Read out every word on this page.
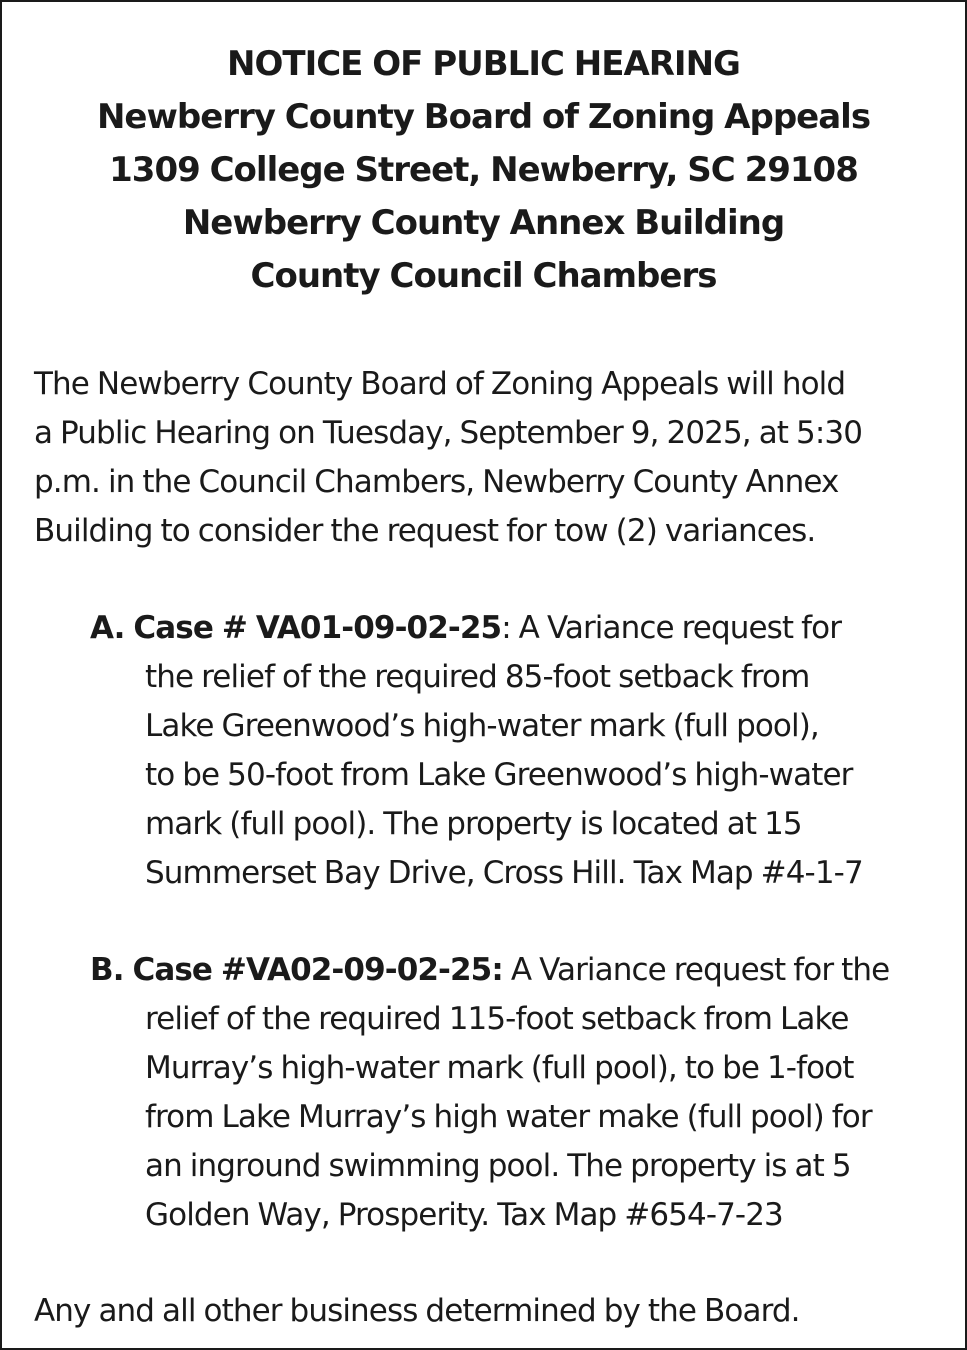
NOTICE OF PUBLIC HEARING
Newberry County Board of Zoning Appeals
1309 College Street, Newberry, SC 29108
Newberry County Annex Building
County Council Chambers

The Newberry County Board of Zoning Appeals will hold

a Public Hearing on Tuesday, September 9, 2025, at 5:30

p.m. in the Council Chambers, Newberry County Annex

Building to consider the request for tow (2) variances.

A. Case # VA01-09-02-25: A Variance request for

the relief of the required 85-foot setback from

Lake Greenwood’s high-water mark (full pool),

to be 50-foot from Lake Greenwood’s high-water

mark (full pool). The property is located at 15

Summerset Bay Drive, Cross Hill. Tax Map #4-1-7

B. Case #VA02-09-02-25: A Variance request for the

relief of the required 115-foot setback from Lake

Murray’s high-water mark (full pool), to be 1-foot

from Lake Murray’s high water make (full pool) for

an inground swimming pool. The property is at 5

Golden Way, Prosperity. Tax Map #654-7-23

Any and all other business determined by the Board.
